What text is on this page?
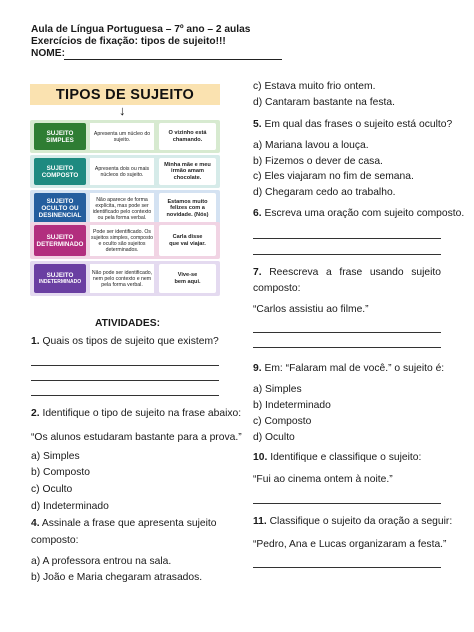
Aula de Língua Portuguesa – 7º ano – 2 aulas
Exercícios de fixação: tipos de sujeito!!!
NOME:
TIPOS DE SUJEITO
↓
SUJEITO
SIMPLES
Apresenta um núcleo do sujeito.
O vizinho está
chamando.
SUJEITO
COMPOSTO
Apresenta dois ou mais núcleos do sujeito.
Minha mãe e meu
irmão amam chocolate.
SUJEITO
OCULTO OU DESINENCIAL
Não aparece de forma explícita, mas pode ser identificado pelo contexto ou pela forma verbal.
Estamos muito
felizes com a novidade. (Nós)
SUJEITO
DETERMINADO
Pode ser identificado. Os sujeitos simples, composto e oculto são sujeitos determinados.
Carla disse
que vai viajar.
SUJEITO
INDETERMINADO
Não pode ser identificado, nem pelo contexto e nem pela forma verbal.
Vive-se
bem aqui.
ATIVIDADES:
1. Quais os tipos de sujeito que existem?
2. Identifique o tipo de sujeito na frase abaixo:
“Os alunos estudaram bastante para a prova.”
a) Simples
b) Composto
c) Oculto
d) Indeterminado
4. Assinale a frase que apresenta sujeito
composto:
a) A professora entrou na sala.
b) João e Maria chegaram atrasados.
c) Estava muito frio ontem.
d) Cantaram bastante na festa.
5. Em qual das frases o sujeito está oculto?
a) Mariana lavou a louça.
b) Fizemos o dever de casa.
c) Eles viajaram no fim de semana.
d) Chegaram cedo ao trabalho.
6. Escreva uma oração com sujeito composto.
7. Reescreva a frase usando sujeito
composto:
“Carlos assistiu ao filme.”
9. Em: “Falaram mal de você.” o sujeito é:
a) Simples
b) Indeterminado
c) Composto
d) Oculto
10. Identifique e classifique o sujeito:
“Fui ao cinema ontem à noite.”
11. Classifique o sujeito da oração a seguir:
“Pedro, Ana e Lucas organizaram a festa.”
